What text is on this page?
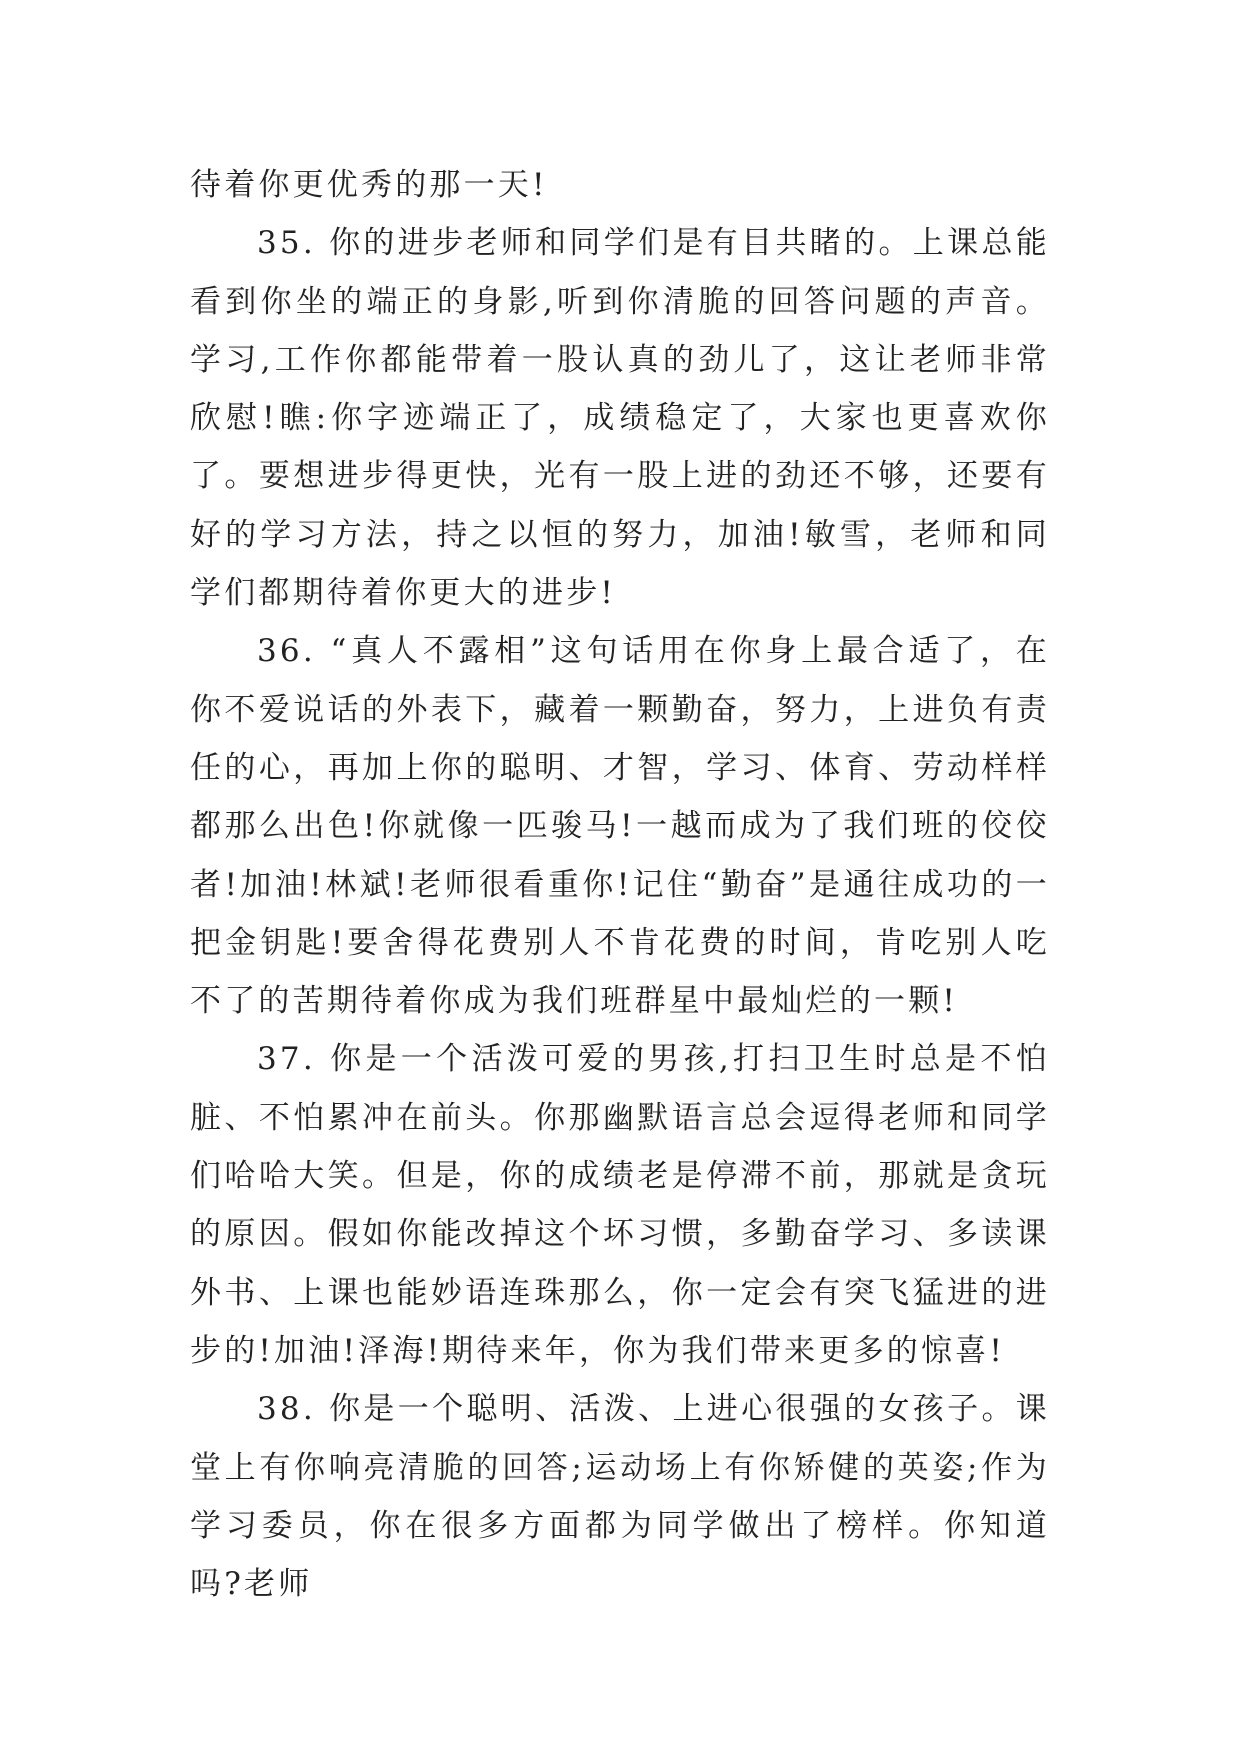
待着你更优秀的那一天!

35. 你的进步老师和同学们是有目共睹的。上课总能看到你坐的端正的身影,听到你清脆的回答问题的声音。学习,工作你都能带着一股认真的劲儿了，这让老师非常欣慰!瞧:你字迹端正了，成绩稳定了，大家也更喜欢你了。要想进步得更快，光有一股上进的劲还不够，还要有好的学习方法，持之以恒的努力，加油!敏雪，老师和同学们都期待着你更大的进步!

36. “真人不露相”这句话用在你身上最合适了，在你不爱说话的外表下，藏着一颗勤奋，努力，上进负有责任的心，再加上你的聪明、才智，学习、体育、劳动样样都那么出色!你就像一匹骏马!一越而成为了我们班的佼佼者!加油!林斌!老师很看重你!记住“勤奋”是通往成功的一把金钥匙!要舍得花费别人不肯花费的时间，肯吃别人吃不了的苦期待着你成为我们班群星中最灿烂的一颗!

37. 你是一个活泼可爱的男孩,打扫卫生时总是不怕脏、不怕累冲在前头。你那幽默语言总会逗得老师和同学们哈哈大笑。但是，你的成绩老是停滞不前，那就是贪玩的原因。假如你能改掉这个坏习惯，多勤奋学习、多读课外书、上课也能妙语连珠那么，你一定会有突飞猛进的进步的!加油!泽海!期待来年，你为我们带来更多的惊喜!

38. 你是一个聪明、活泼、上进心很强的女孩子。课堂上有你响亮清脆的回答;运动场上有你矫健的英姿;作为学习委员，你在很多方面都为同学做出了榜样。你知道吗?老师
